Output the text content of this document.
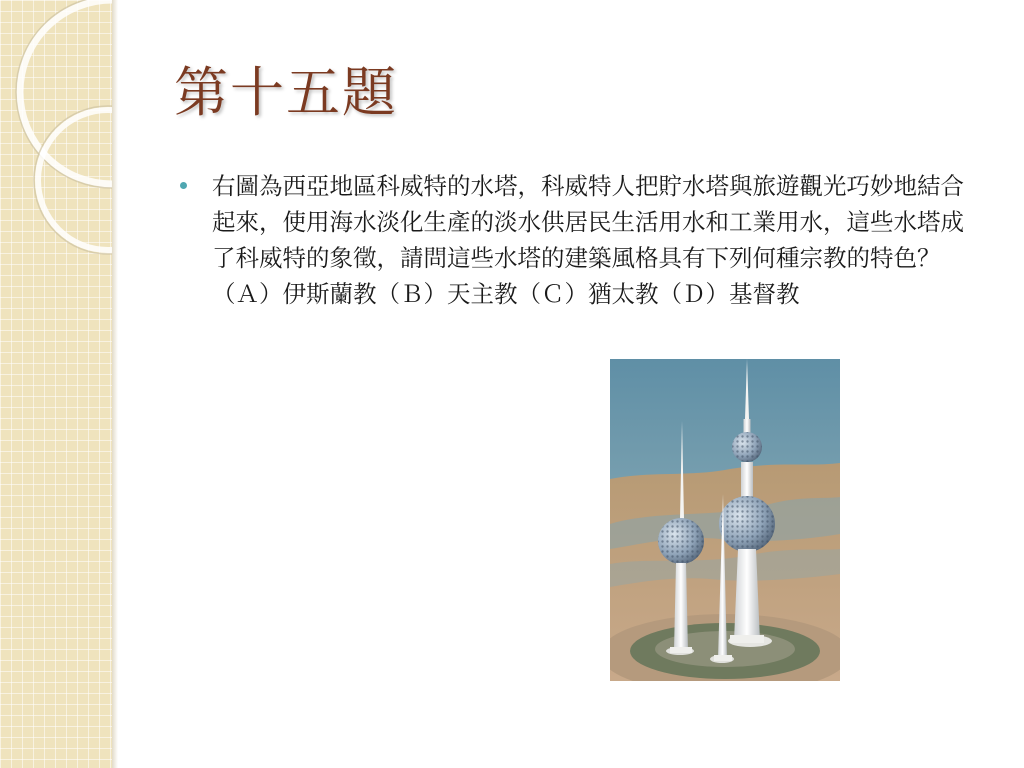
第十五題

右圖為西亞地區科威特的水塔，科威特人把貯水塔與旅遊觀光巧妙地結合起來，使用海水淡化生產的淡水供居民生活用水和工業用水，這些水塔成了科威特的象徵，請問這些水塔的建築風格具有下列何種宗教的特色？（Ａ）伊斯蘭教（Ｂ）天主教（Ｃ）猶太教（Ｄ）基督教
